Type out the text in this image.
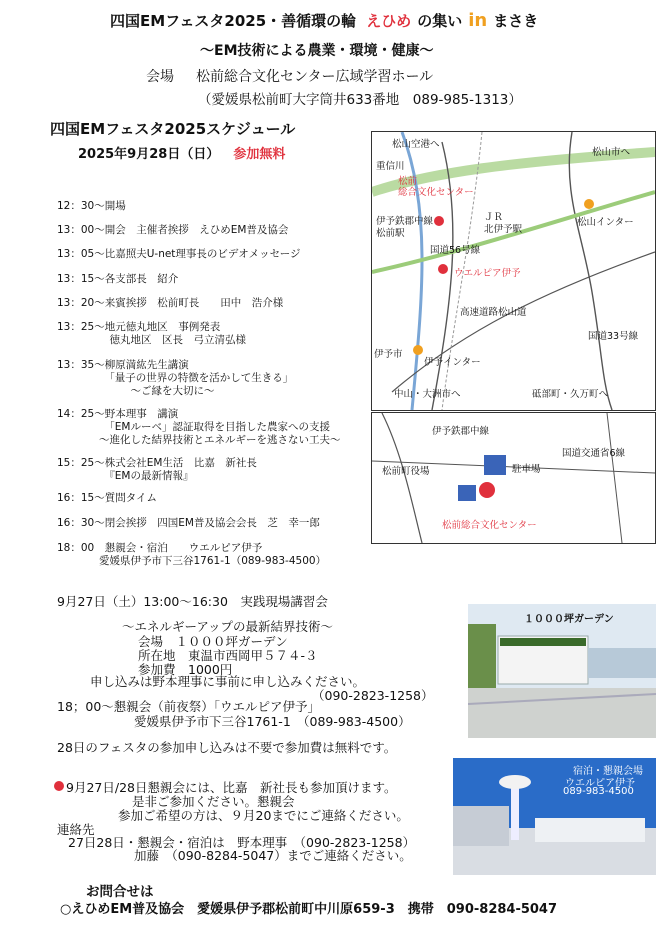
四国EMフェスタ2025・善循環の輪 えひめ の集い in まさき
～EM技術による農業・環境・健康～
会場 松前総合文化センター広域学習ホール
（愛媛県松前町大字筒井633番地　089-985-1313）
四国EMフェスタ2025スケジュール
2025年9月28日（日） 参加無料
12：30～開場
13：00～開会　主催者挨拶　えひめEM普及協会
13：05～比嘉照夫U-net理事長のビデオメッセージ
13：15～各支部長　紹介
13：20～来賓挨拶　松前町長　　田中　浩介様
13：25～地元徳丸地区　事例発表
　　　　　徳丸地区　区長　弓立清弘様
13：35～柳原満紘先生講演
　　　　　「量子の世界の特徴を活かして生きる」
　　　　　　　～ご縁を大切に～
14：25～野本理事　講演
　　　　　「EMルーベ」認証取得を目指した農家への支援
　　　　～進化した結界技術とエネルギーを逃さない工夫～
15：25～株式会社EM生活　比嘉　新社長
　　　　　『EMの最新情報』
16：15～質問タイム
16：30～閉会挨拶　四国EM普及協会会長　芝　幸一郎
18：00　懇親会・宿泊　　ウエルピア伊予
　　　　愛媛県伊予市下三谷1761-1（089-983-4500）
松山空港へ
松山市へ
重信川
松前
総合文化センター
伊予鉄郡中線
松前駅
ＪＲ
北伊予駅
松山インター
国道56号線
ウエルピア伊予
高速道路松山道
国道33号線
伊予市
伊予インター
中山・大洲市へ	砥部町・久万町へ
伊予鉄郡中線
国道交通省6線
松前町役場	駐車場
松前総合文化センター
9月27日（土）13:00～16:30　実践現場講習会
～エネルギーアップの最新結界技術～
会場　１０００坪ガーデン
所在地　東温市西岡甲５７４-３
参加費　1000円
申し込みは野本理事に事前に申し込みください。
（090-2823-1258）
18；00～懇親会（前夜祭）「ウエルピア伊予」
愛媛県伊予市下三谷1761-1　（089-983-4500）
28日のフェスタの参加申し込みは不要で参加費は無料です。
１０００坪ガーデン
宿泊・懇親会場
ウエルピア伊予
089-983-4500
9月27日/28日懇親会には、比嘉　新社長も参加頂けます。
是非ご参加ください。懇親会
参加ご希望の方は、９月20までにご連絡ください。
連絡先
27日28日・懇親会・宿泊は　野本理事　（090-2823-1258）
加藤　（090-8284-5047）までご連絡ください。
お問合せは
○えひめEM普及協会　愛媛県伊予郡松前町中川原659-3　携帯　090-8284-5047
